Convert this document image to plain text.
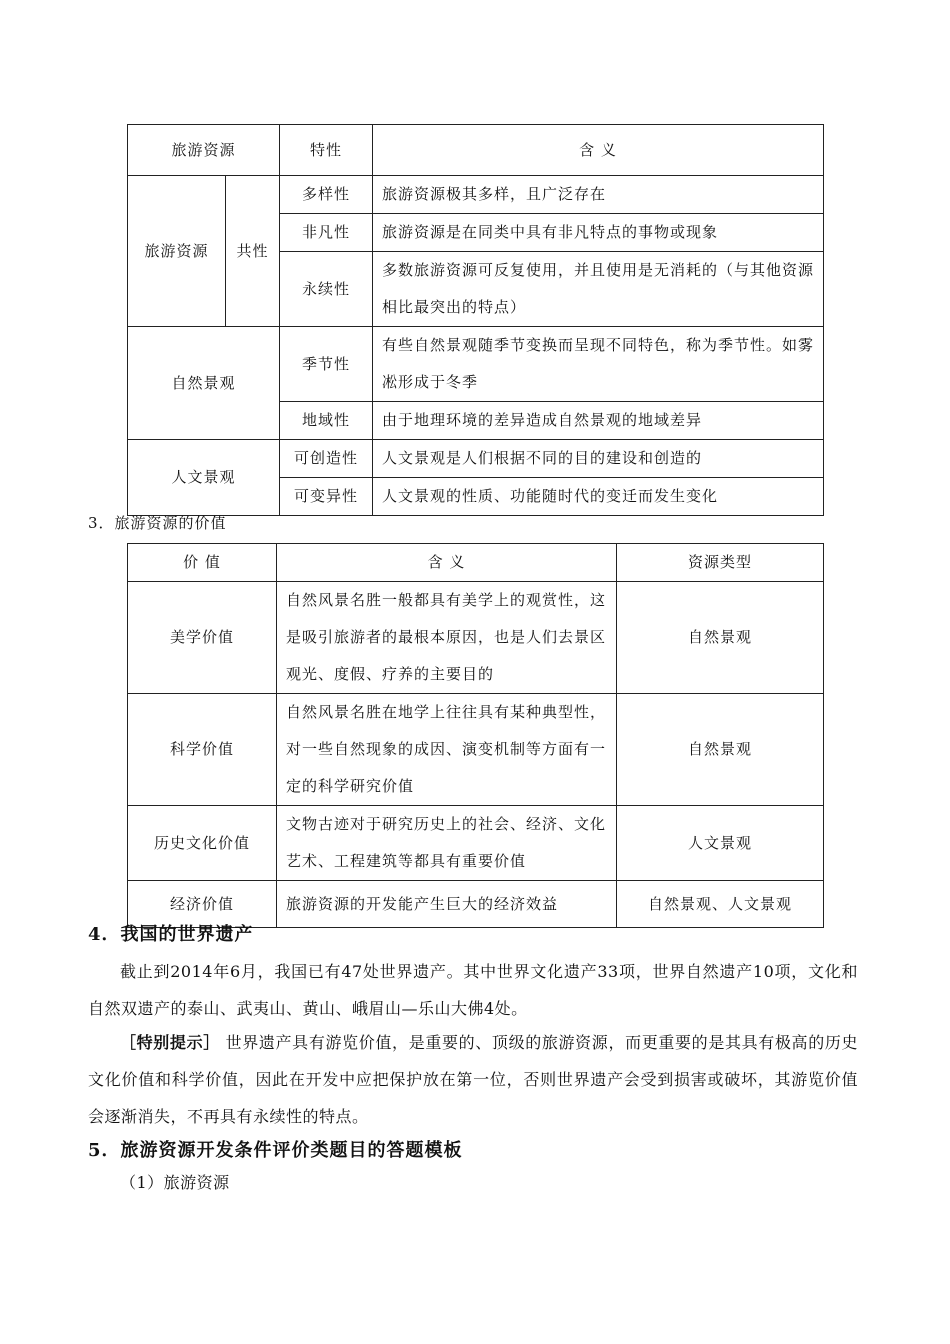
旅游资源		特性	含 义
旅游资源	共性	多样性	旅游资源极其多样，且广泛存在
		非凡性	旅游资源是在同类中具有非凡特点的事物或现象
		永续性	多数旅游资源可反复使用，并且使用是无消耗的（与其他资源相比最突出的特点）
自然景观		季节性	有些自然景观随季节变换而呈现不同特色，称为季节性。如雾凇形成于冬季
		地域性	由于地理环境的差异造成自然景观的地域差异
人文景观		可创造性	人文景观是人们根据不同的目的建设和创造的
		可变异性	人文景观的性质、功能随时代的变迁而发生变化
3．旅游资源的价值
价 值	含 义	资源类型
美学价值	自然风景名胜一般都具有美学上的观赏性，这是吸引旅游者的最根本原因，也是人们去景区观光、度假、疗养的主要目的	自然景观
科学价值	自然风景名胜在地学上往往具有某种典型性，对一些自然现象的成因、演变机制等方面有一定的科学研究价值	自然景观
历史文化价值	文物古迹对于研究历史上的社会、经济、文化艺术、工程建筑等都具有重要价值	人文景观
经济价值	旅游资源的开发能产生巨大的经济效益	自然景观、人文景观
4．我国的世界遗产
截止到2014年6月，我国已有47处世界遗产。其中世界文化遗产33项，世界自然遗产10项，文化和自然双遗产的泰山、武夷山、黄山、峨眉山—乐山大佛4处。
［特别提示］ 世界遗产具有游览价值，是重要的、顶级的旅游资源，而更重要的是其具有极高的历史文化价值和科学价值，因此在开发中应把保护放在第一位，否则世界遗产会受到损害或破坏，其游览价值会逐渐消失，不再具有永续性的特点。
5．旅游资源开发条件评价类题目的答题模板
（1）旅游资源
